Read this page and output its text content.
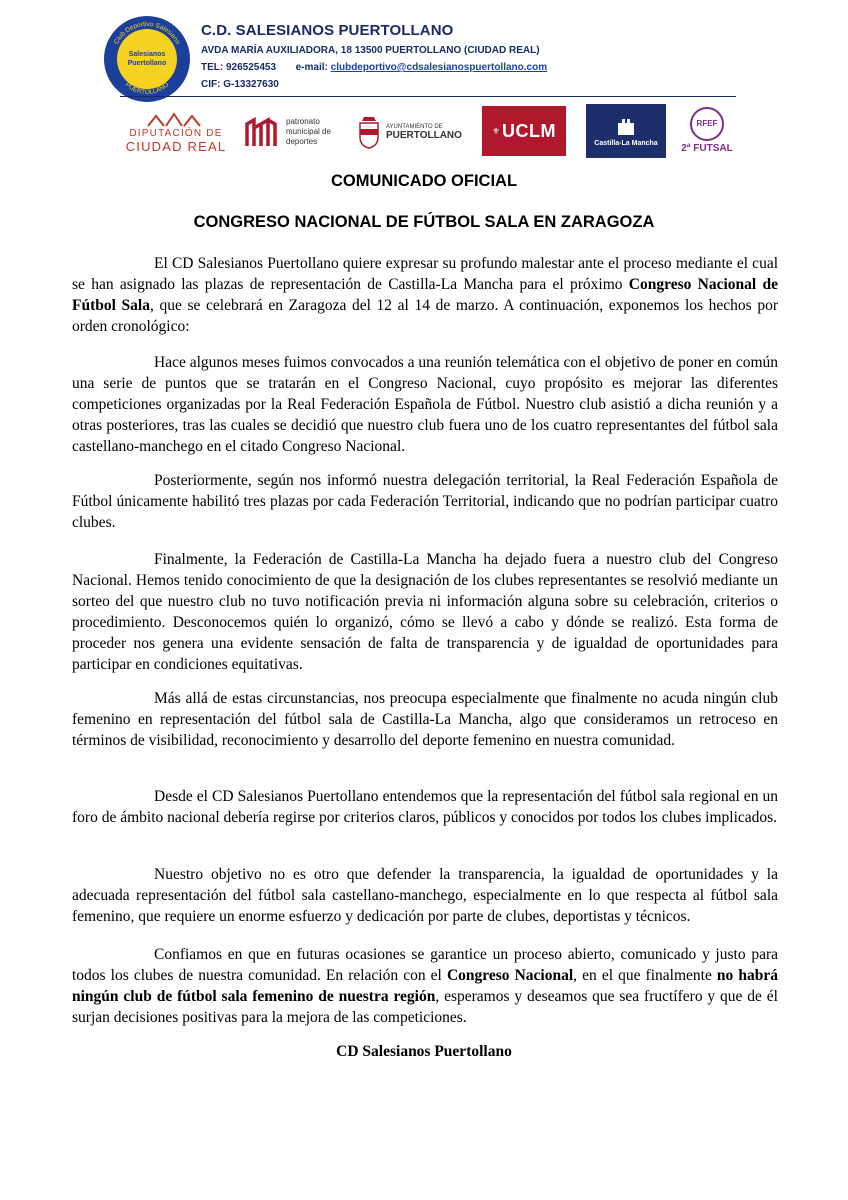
Salesianos Puertollano
Club Deportivo Salesiano
PUERTOLLANO
C.D. SALESIANOS PUERTOLLANO
AVDA MARÍA AUXILIADORA, 18 13500 PUERTOLLANO (CIUDAD REAL)
TEL: 926525453 e-mail: clubdeportivo@cdsalesianospuertollano.com
CIF: G-13327630
DIPUTACIÓN DE
CIUDAD REAL
patronato municipal de deportes
AYUNTAMIENTO DE
PUERTOLLANO	⚜ UCLM
Castilla-La Mancha
RFEF
2ª FUTSAL
COMUNICADO OFICIAL
CONGRESO NACIONAL DE FÚTBOL SALA EN ZARAGOZA
El CD Salesianos Puertollano quiere expresar su profundo malestar ante el proceso mediante el cual se han asignado las plazas de representación de Castilla-La Mancha para el próximo Congreso Nacional de Fútbol Sala, que se celebrará en Zaragoza del 12 al 14 de marzo. A continuación, exponemos los hechos por orden cronológico:
Hace algunos meses fuimos convocados a una reunión telemática con el objetivo de poner en común una serie de puntos que se tratarán en el Congreso Nacional, cuyo propósito es mejorar las diferentes competiciones organizadas por la Real Federación Española de Fútbol. Nuestro club asistió a dicha reunión y a otras posteriores, tras las cuales se decidió que nuestro club fuera uno de los cuatro representantes del fútbol sala castellano-manchego en el citado Congreso Nacional.
Posteriormente, según nos informó nuestra delegación territorial, la Real Federación Española de Fútbol únicamente habilitó tres plazas por cada Federación Territorial, indicando que no podrían participar cuatro clubes.
Finalmente, la Federación de Castilla-La Mancha ha dejado fuera a nuestro club del Congreso Nacional. Hemos tenido conocimiento de que la designación de los clubes representantes se resolvió mediante un sorteo del que nuestro club no tuvo notificación previa ni información alguna sobre su celebración, criterios o procedimiento. Desconocemos quién lo organizó, cómo se llevó a cabo y dónde se realizó. Esta forma de proceder nos genera una evidente sensación de falta de transparencia y de igualdad de oportunidades para participar en condiciones equitativas.
Más allá de estas circunstancias, nos preocupa especialmente que finalmente no acuda ningún club femenino en representación del fútbol sala de Castilla-La Mancha, algo que consideramos un retroceso en términos de visibilidad, reconocimiento y desarrollo del deporte femenino en nuestra comunidad.
Desde el CD Salesianos Puertollano entendemos que la representación del fútbol sala regional en un foro de ámbito nacional debería regirse por criterios claros, públicos y conocidos por todos los clubes implicados.
Nuestro objetivo no es otro que defender la transparencia, la igualdad de oportunidades y la adecuada representación del fútbol sala castellano-manchego, especialmente en lo que respecta al fútbol sala femenino, que requiere un enorme esfuerzo y dedicación por parte de clubes, deportistas y técnicos.
Confiamos en que en futuras ocasiones se garantice un proceso abierto, comunicado y justo para todos los clubes de nuestra comunidad. En relación con el Congreso Nacional, en el que finalmente no habrá ningún club de fútbol sala femenino de nuestra región, esperamos y deseamos que sea fructífero y que de él surjan decisiones positivas para la mejora de las competiciones.
CD Salesianos Puertollano
